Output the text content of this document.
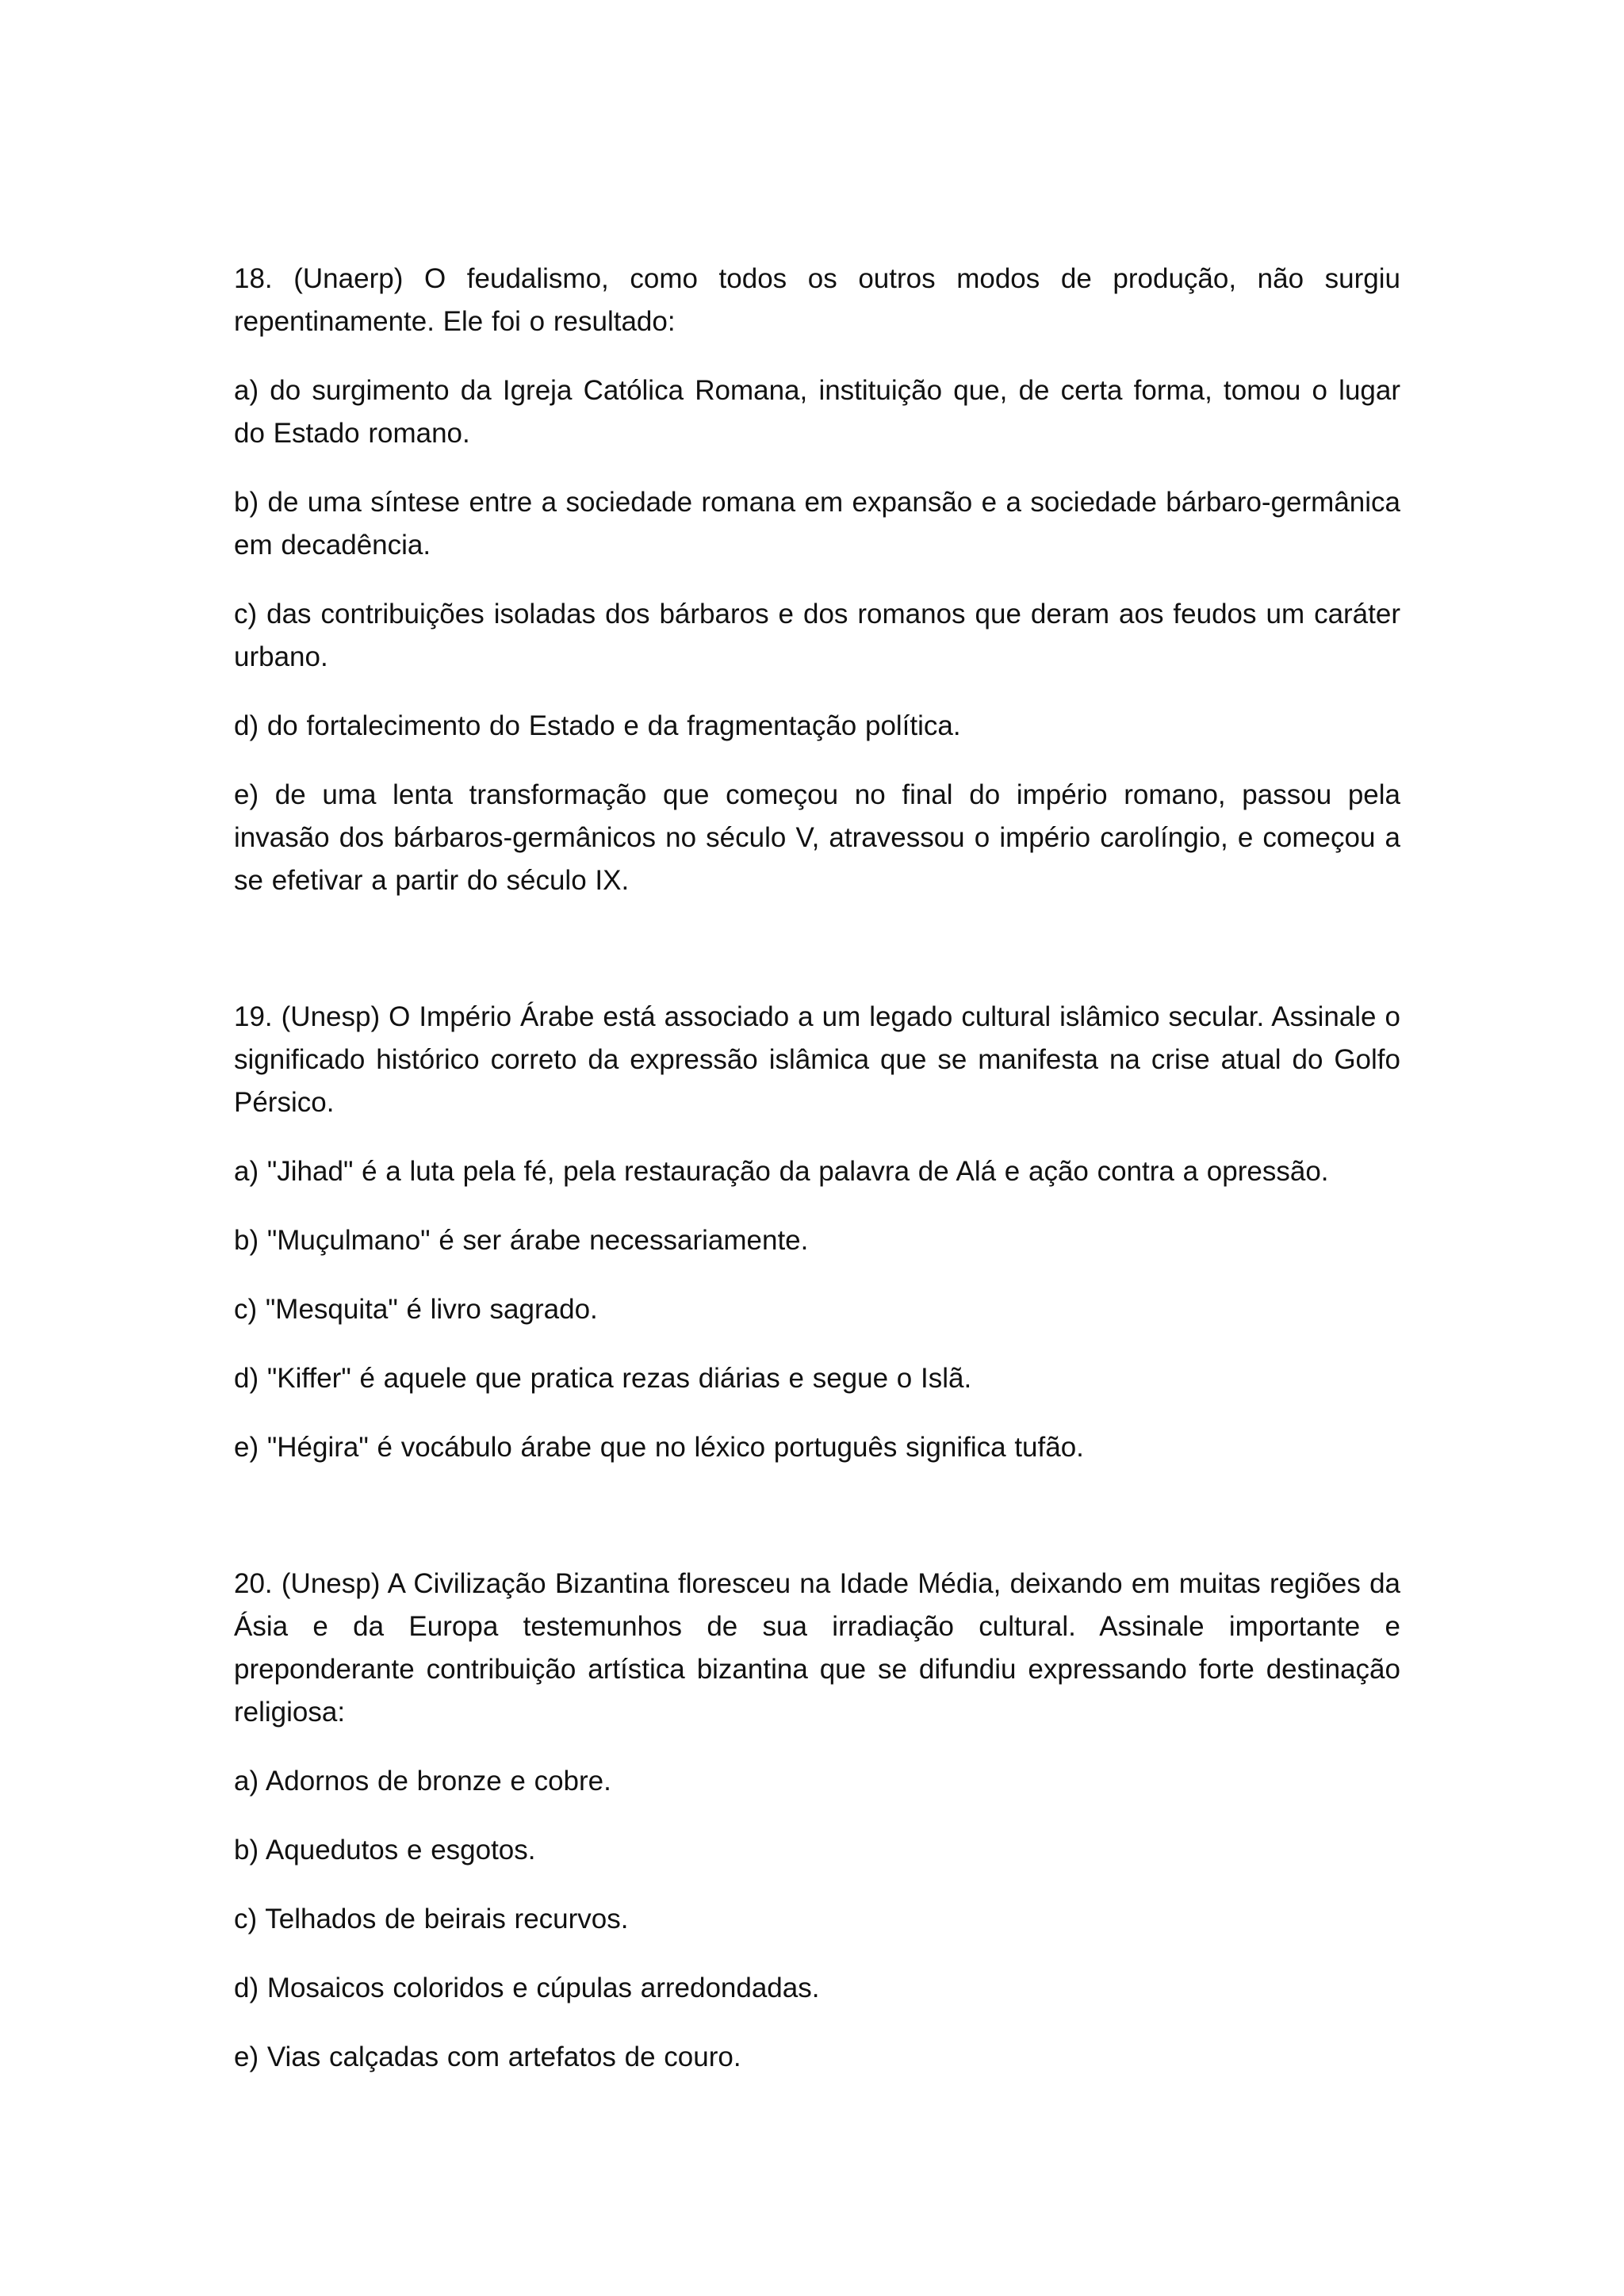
18. (Unaerp) O feudalismo, como todos os outros modos de produção, não surgiu repentinamente. Ele foi o resultado:

a) do surgimento da Igreja Católica Romana, instituição que, de certa forma, tomou o lugar do Estado romano.

b) de uma síntese entre a sociedade romana em expansão e a sociedade bárbaro-germânica em decadência.

c) das contribuições isoladas dos bárbaros e dos romanos que deram aos feudos um caráter urbano.

d) do fortalecimento do Estado e da fragmentação política.

e) de uma lenta transformação que começou no final do império romano, passou pela invasão dos bárbaros-germânicos no século V, atravessou o império carolíngio, e começou a se efetivar a partir do século IX.

19. (Unesp) O Império Árabe está associado a um legado cultural islâmico secular. Assinale o significado histórico correto da expressão islâmica que se manifesta na crise atual do Golfo Pérsico.

a) "Jihad" é a luta pela fé, pela restauração da palavra de Alá e ação contra a opressão.

b) "Muçulmano" é ser árabe necessariamente.

c) "Mesquita" é livro sagrado.

d) "Kiffer" é aquele que pratica rezas diárias e segue o Islã.

e) "Hégira" é vocábulo árabe que no léxico português significa tufão.

20. (Unesp) A Civilização Bizantina floresceu na Idade Média, deixando em muitas regiões da Ásia e da Europa testemunhos de sua irradiação cultural. Assinale importante e preponderante contribuição artística bizantina que se difundiu expressando forte destinação religiosa:

a) Adornos de bronze e cobre.

b) Aquedutos e esgotos.

c) Telhados de beirais recurvos.

d) Mosaicos coloridos e cúpulas arredondadas.

e) Vias calçadas com artefatos de couro.
